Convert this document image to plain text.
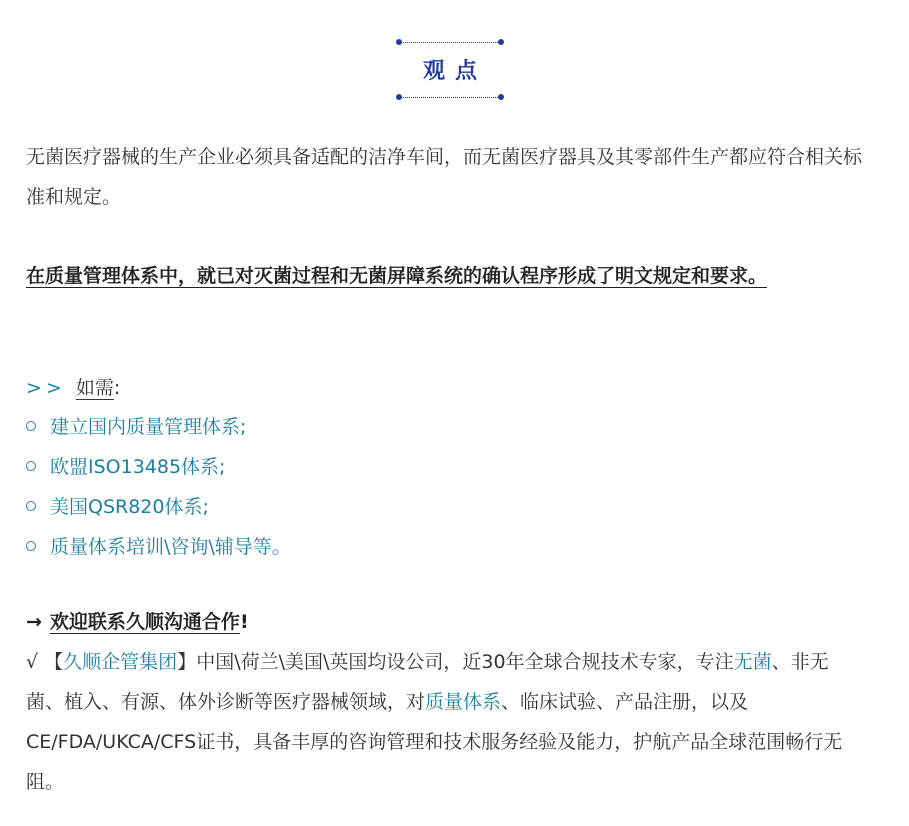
观点

无菌医疗器械的生产企业必须具备适配的洁净车间，而无菌医疗器具及其零部件生产都应符合相关标准和规定。

在质量管理体系中，就已对灭菌过程和无菌屏障系统的确认程序形成了明文规定和要求。

>> 如需:
建立国内质量管理体系;
欧盟ISO13485体系;
美国QSR820体系;
质量体系培训\咨询\辅导等。
→ 欢迎联系久顺沟通合作!

√ 【久顺企管集团】中国\荷兰\美国\英国均设公司，近30年全球合规技术专家，专注无菌、非无菌、植入、有源、体外诊断等医疗器械领域，对质量体系、临床试验、产品注册，以及CE/FDA/UKCA/CFS证书，具备丰厚的咨询管理和技术服务经验及能力，护航产品全球范围畅行无阻。
